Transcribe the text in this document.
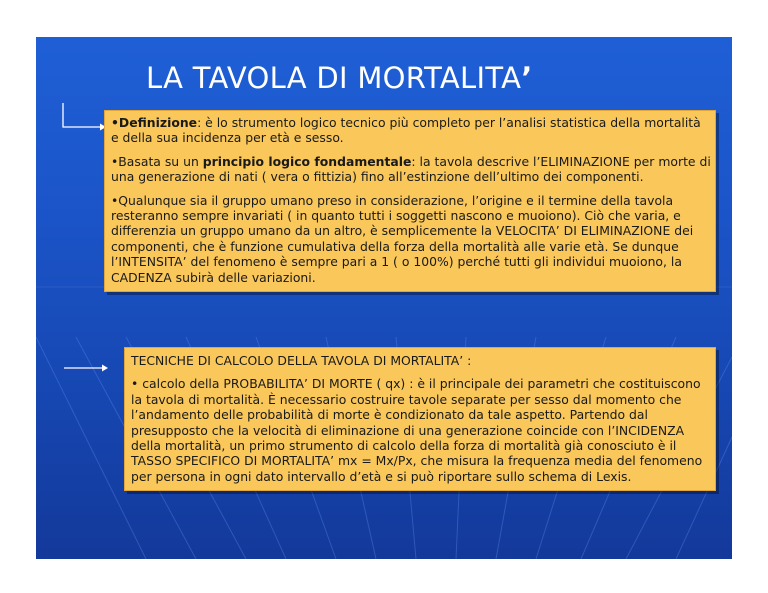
LA TAVOLA DI MORTALITA’

•Definizione: è lo strumento logico tecnico più completo per l’analisi statistica della mortalità e della sua incidenza per età e sesso.

•Basata su un principio logico fondamentale: la tavola descrive l’ELIMINAZIONE per morte di una generazione di nati ( vera o fittizia) fino all’estinzione dell’ultimo dei componenti.

•Qualunque sia il gruppo umano preso in considerazione, l’origine e il termine della tavola resteranno sempre invariati ( in quanto tutti i soggetti nascono e muoiono). Ciò che varia, e differenzia un gruppo umano da un altro, è semplicemente la VELOCITA’ DI ELIMINAZIONE dei componenti, che è funzione cumulativa della forza della mortalità alle varie età. Se dunque l’INTENSITA’ del fenomeno è sempre pari a 1 ( o 100%) perché tutti gli individui muoiono, la CADENZA subirà delle variazioni.

TECNICHE DI CALCOLO DELLA TAVOLA DI MORTALITA’ :

• calcolo della PROBABILITA’ DI MORTE ( qx) : è il principale dei parametri che costituiscono la tavola di mortalità. È necessario costruire tavole separate per sesso dal momento che l’andamento delle probabilità di morte è condizionato da tale aspetto. Partendo dal presupposto che la velocità di eliminazione di una generazione coincide con l’INCIDENZA della mortalità, un primo strumento di calcolo della forza di mortalità già conosciuto è il TASSO SPECIFICO DI MORTALITA’ mx = Mx/Px, che misura la frequenza media del fenomeno per persona in ogni dato intervallo d’età e si può riportare sullo schema di Lexis.
